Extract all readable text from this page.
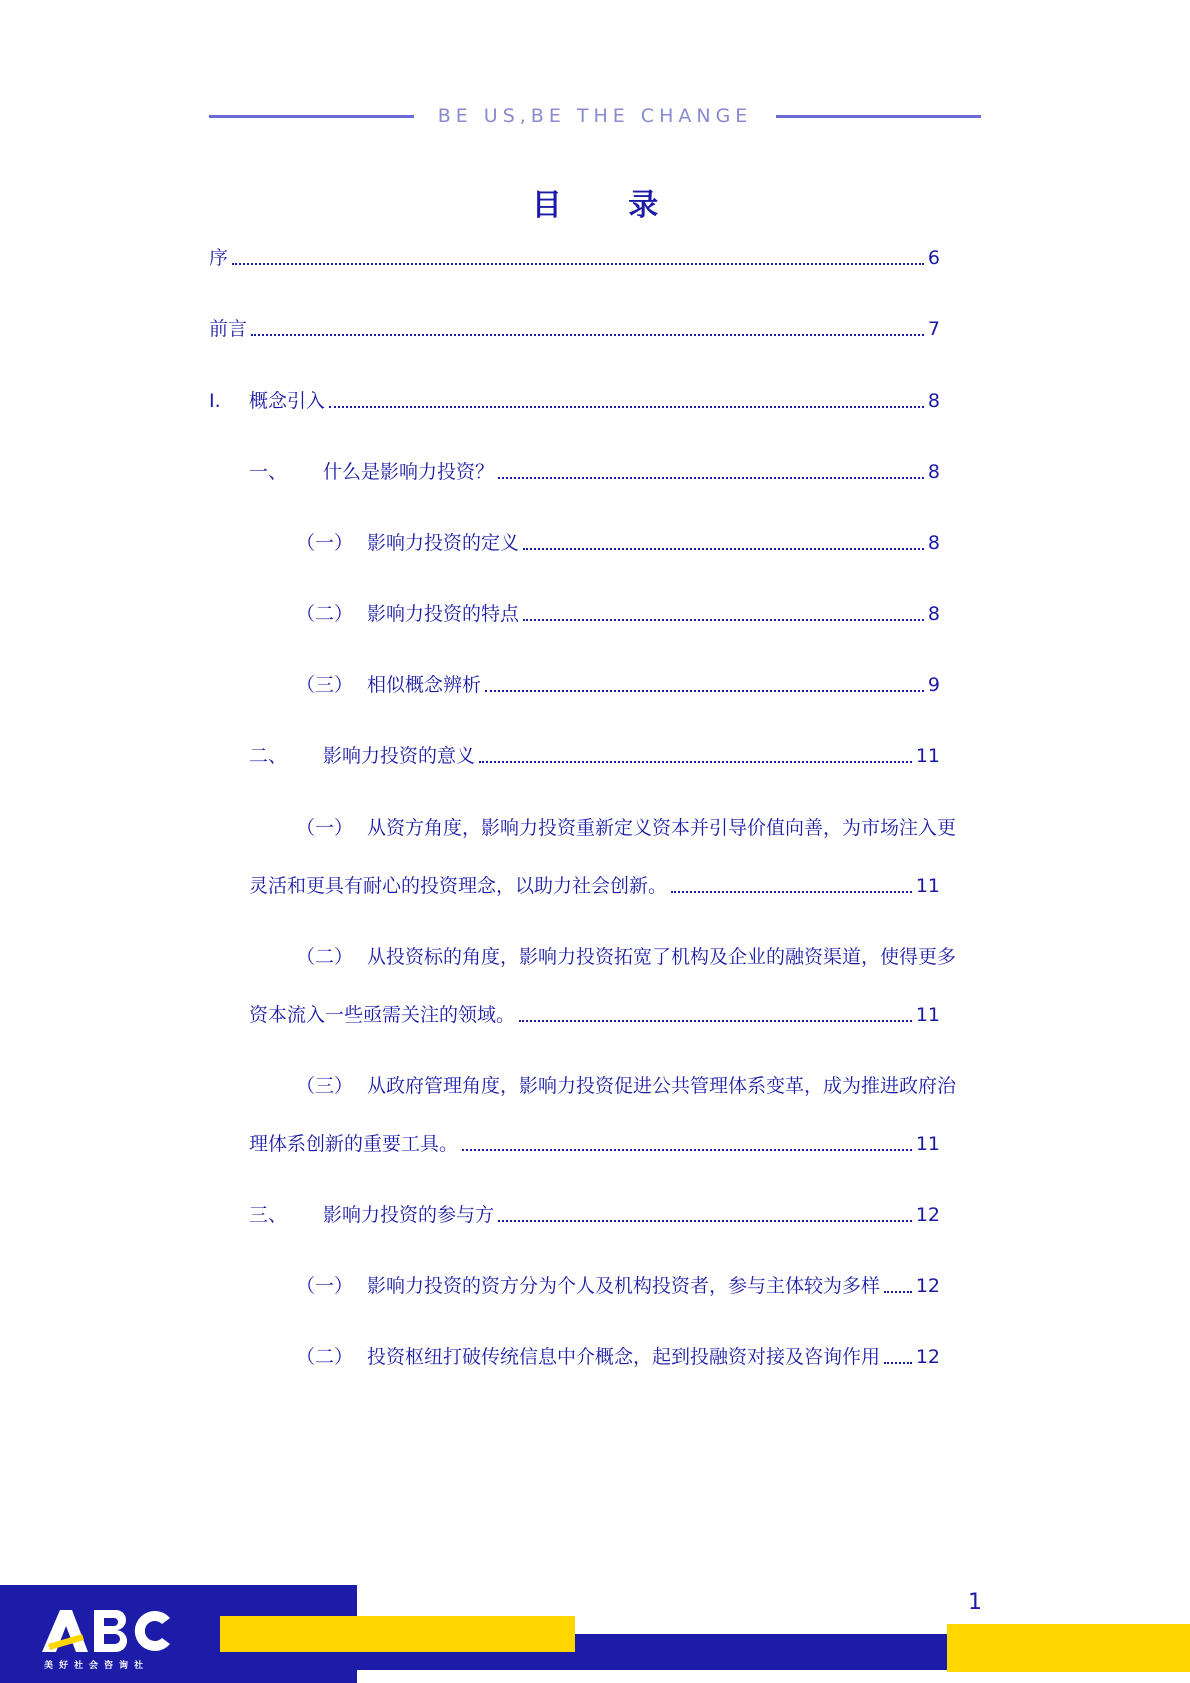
BE US,BE THE CHANGE
目 录
序	6
前言	7
I.	概念引入	8
一、	什么是影响力投资？	8
（一） 影响力投资的定义	8
（二） 影响力投资的特点	8
（三） 相似概念辨析	9
二、	影响力投资的意义	11
（一） 从资方角度，影响力投资重新定义资本并引导价值向善，为市场注入更
灵活和更具有耐心的投资理念，以助力社会创新。	11
（二） 从投资标的角度，影响力投资拓宽了机构及企业的融资渠道，使得更多
资本流入一些亟需关注的领域。	11
（三） 从政府管理角度，影响力投资促进公共管理体系变革，成为推进政府治
理体系创新的重要工具。	11
三、	影响力投资的参与方	12
（一） 影响力投资的资方分为个人及机构投资者，参与主体较为多样 12
（二） 投资枢纽打破传统信息中介概念，起到投融资对接及咨询作用 12
1
美好社会咨询社
